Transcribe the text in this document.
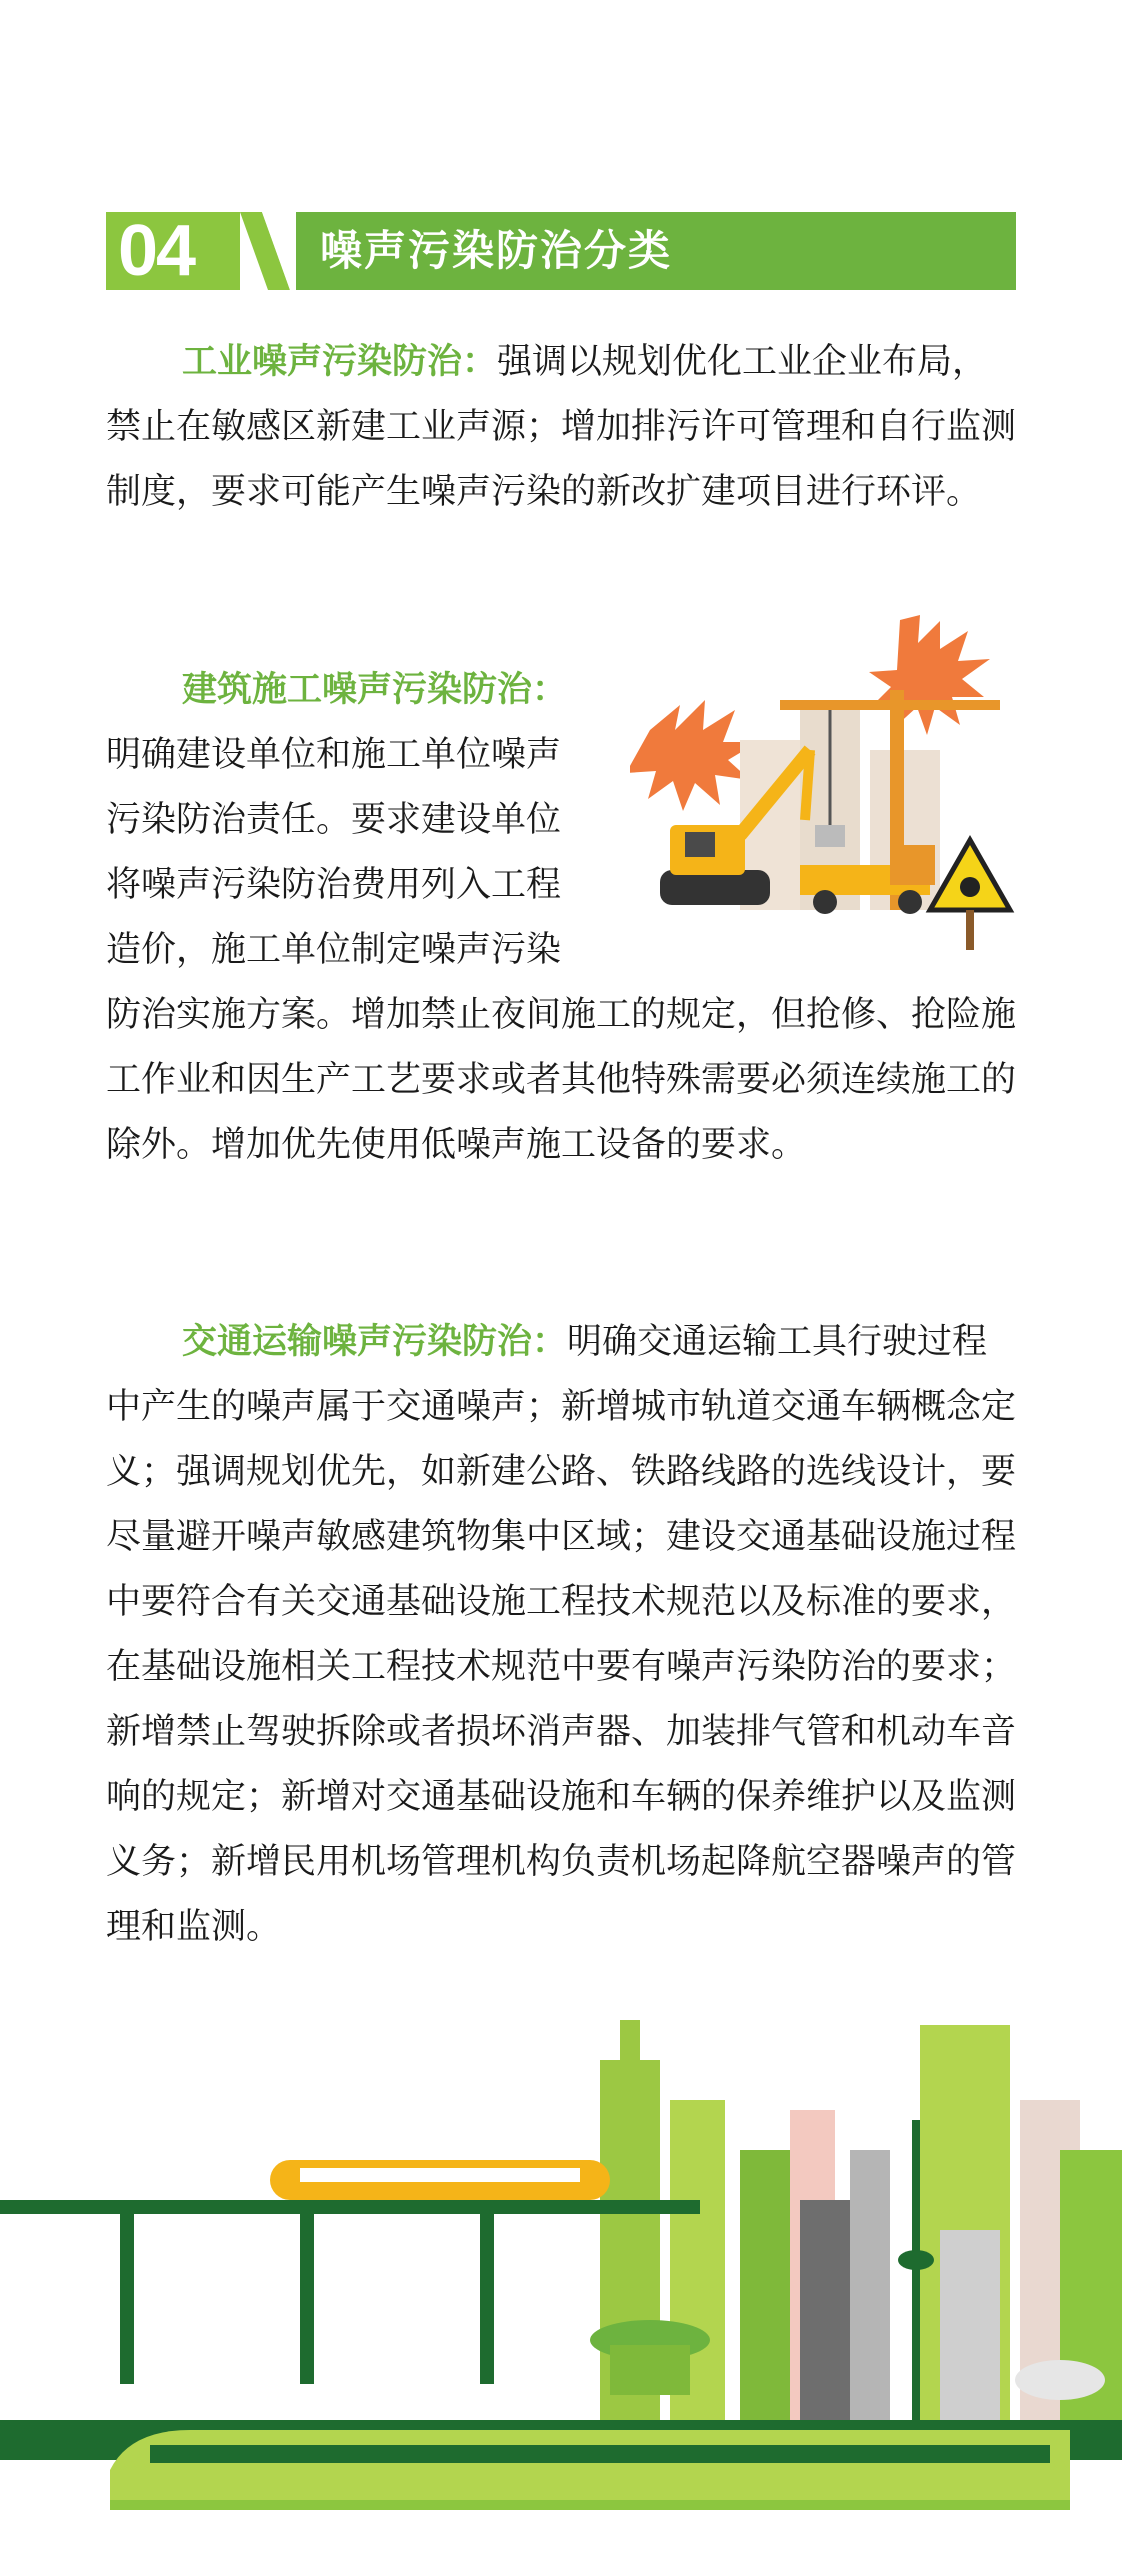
04	噪声污染防治分类

工业噪声污染防治：强调以规划优化工业企业布局，禁止在敏感区新建工业声源；增加排污许可管理和自行监测制度，要求可能产生噪声污染的新改扩建项目进行环评。

建筑施工噪声污染防治：
明确建设单位和施工单位噪声
污染防治责任。要求建设单位
将噪声污染防治费用列入工程
造价，施工单位制定噪声污染

防治实施方案。增加禁止夜间施工的规定，但抢修、抢险施工作业和因生产工艺要求或者其他特殊需要必须连续施工的除外。增加优先使用低噪声施工设备的要求。

交通运输噪声污染防治：明确交通运输工具行驶过程中产生的噪声属于交通噪声；新增城市轨道交通车辆概念定义；强调规划优先，如新建公路、铁路线路的选线设计，要尽量避开噪声敏感建筑物集中区域；建设交通基础设施过程中要符合有关交通基础设施工程技术规范以及标准的要求，在基础设施相关工程技术规范中要有噪声污染防治的要求；新增禁止驾驶拆除或者损坏消声器、加装排气管和机动车音响的规定；新增对交通基础设施和车辆的保养维护以及监测义务；新增民用机场管理机构负责机场起降航空器噪声的管理和监测。
